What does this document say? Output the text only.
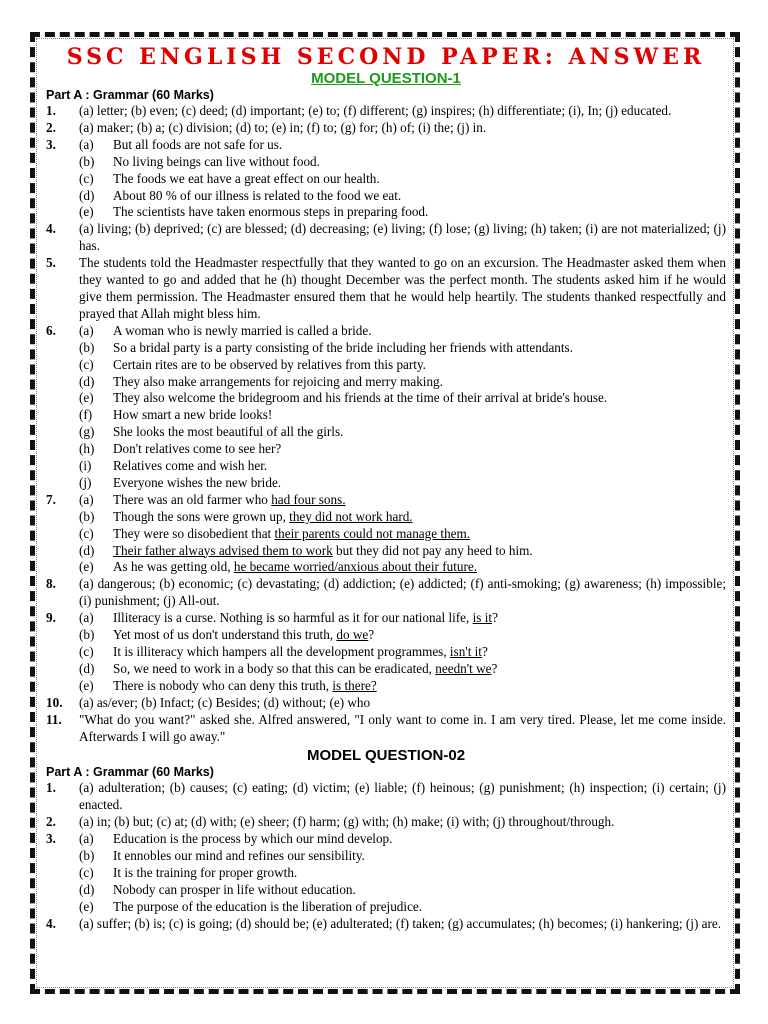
SSC ENGLISH SECOND PAPER: ANSWER
MODEL QUESTION-1
Part A : Grammar (60 Marks)
1.	(a) letter; (b) even; (c) deed; (d) important; (e) to; (f) different; (g) inspires; (h) differentiate; (i), In; (j) educated.
2.	(a) maker; (b) a; (c) division; (d) to; (e) in; (f) to; (g) for; (h) of; (i) the; (j) in.
3.	(a)	But all foods are not safe for us.
(b)	No living beings can live without food.
(c)	The foods we eat have a great effect on our health.
(d)	About 80 % of our illness is related to the food we eat.
(e)	The scientists have taken enormous steps in preparing food.
4.	(a) living; (b) deprived; (c) are blessed; (d) decreasing; (e) living; (f) lose; (g) living; (h) taken; (i) are not materialized; (j) has.
5.	The students told the Headmaster respectfully that they wanted to go on an excursion. The Headmaster asked them when they wanted to go and added that he (h) thought December was the perfect month. The students asked him if he would give them permission. The Headmaster ensured them that he would help heartily. The students thanked respectfully and prayed that Allah might bless him.
6.	(a)	A woman who is newly married is called a bride.
(b)	So a bridal party is a party consisting of the bride including her friends with attendants.
(c)	Certain rites are to be observed by relatives from this party.
(d)	They also make arrangements for rejoicing and merry making.
(e)	They also welcome the bridegroom and his friends at the time of their arrival at bride's house.
(f)	How smart a new bride looks!
(g)	She looks the most beautiful of all the girls.
(h)	Don't relatives come to see her?
(i)	Relatives come and wish her.
(j)	Everyone wishes the new bride.
7.	(a)	There was an old farmer who had four sons.
(b)	Though the sons were grown up, they did not work hard.
(c)	They were so disobedient that their parents could not manage them.
(d)	Their father always advised them to work but they did not pay any heed to him.
(e)	As he was getting old, he became worried/anxious about their future.
8.	(a) dangerous; (b) economic; (c) devastating; (d) addiction; (e) addicted; (f) anti-smoking; (g) awareness; (h) impossible; (i) punishment; (j) All-out.
9.	(a)	Illiteracy is a curse. Nothing is so harmful as it for our national life, is it?
(b)	Yet most of us don't understand this truth, do we?
(c)	It is illiteracy which hampers all the development programmes, isn't it?
(d)	So, we need to work in a body so that this can be eradicated, needn't we?
(e)	There is nobody who can deny this truth, is there?
10.	(a) as/ever; (b) Infact; (c) Besides; (d) without; (e) who
11.	"What do you want?" asked she. Alfred answered, "I only want to come in. I am very tired. Please, let me come inside. Afterwards I will go away."
MODEL QUESTION-02
Part A : Grammar (60 Marks)
1.	(a) adulteration; (b) causes; (c) eating; (d) victim; (e) liable; (f) heinous; (g) punishment; (h) inspection; (i) certain; (j) enacted.
2.	(a) in; (b) but; (c) at; (d) with; (e) sheer; (f) harm; (g) with; (h) make; (i) with; (j) throughout/through.
3.	(a)	Education is the process by which our mind develop.
(b)	It ennobles our mind and refines our sensibility.
(c)	It is the training for proper growth.
(d)	Nobody can prosper in life without education.
(e)	The purpose of the education is the liberation of prejudice.
4.	(a) suffer; (b) is; (c) is going; (d) should be; (e) adulterated; (f) taken; (g) accumulates; (h) becomes; (i) hankering; (j) are.
